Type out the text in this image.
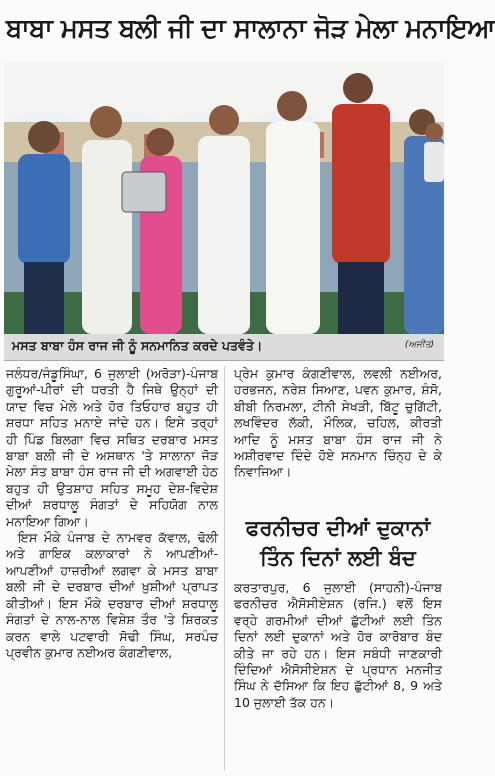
ਬਾਬਾ ਮਸਤ ਬਲੀ ਜੀ ਦਾ ਸਾਲਾਨਾ ਜੋੜ ਮੇਲਾ ਮਨਾਇਆ
ਮਸਤ ਬਾਬਾ ਹੰਸ ਰਾਜ ਜੀ ਨੂੰ ਸਨਮਾਨਿਤ ਕਰਦੇ ਪਤਵੰਤੇ।	(ਅਜੀਤ)

ਜਲੰਧਰ/ਜੰਡੂਸਿੰਘਾ, 6 ਜੁਲਾਈ (ਅਰੋੜਾ)-ਪੰਜਾਬ ਗੁਰੂਆਂ-ਪੀਰਾਂ ਦੀ ਧਰਤੀ ਹੈ ਜਿਥੇ ਉਨ੍ਹਾਂ ਦੀ ਯਾਦ ਵਿਚ ਮੇਲੇ ਅਤੇ ਹੋਰ ਤਿਓਹਾਰ ਬਹੁਤ ਹੀ ਸ਼ਰਧਾ ਸਹਿਤ ਮਨਾਏ ਜਾਂਦੇ ਹਨ। ਇਸੇ ਤਰ੍ਹਾਂ ਹੀ ਪਿੰਡ ਬਿਲਗਾ ਵਿਚ ਸਥਿਤ ਦਰਬਾਰ ਮਸਤ ਬਾਬਾ ਬਲੀ ਜੀ ਦੇ ਅਸਥਾਨ 'ਤੇ ਸਾਲਾਨਾ ਜੋੜ ਮੇਲਾ ਸੰਤ ਬਾਬਾ ਹੰਸ ਰਾਜ ਜੀ ਦੀ ਅਗਵਾਈ ਹੇਠ ਬਹੁਤ ਹੀ ਉਤਸ਼ਾਹ ਸਹਿਤ ਸਮੂਹ ਦੇਸ਼-ਵਿਦੇਸ਼ ਦੀਆਂ ਸ਼ਰਧਾਲੂ ਸੰਗਤਾਂ ਦੇ ਸਹਿਯੋਗ ਨਾਲ ਮਨਾਇਆ ਗਿਆ।

ਇਸ ਮੌਕੇ ਪੰਜਾਬ ਦੇ ਨਾਮਵਰ ਕੱਵਾਲ, ਢੋਲੀ ਅਤੇ ਗਾਇਕ ਕਲਾਕਾਰਾਂ ਨੇ ਆਪਣੀਆਂ-ਆਪਣੀਆਂ ਹਾਜ਼ਰੀਆਂ ਲਗਵਾ ਕੇ ਮਸਤ ਬਾਬਾ ਬਲੀ ਜੀ ਦੇ ਦਰਬਾਰ ਦੀਆਂ ਖ਼ੁਸ਼ੀਆਂ ਪ੍ਰਾਪਤ ਕੀਤੀਆਂ। ਇਸ ਮੌਕੇ ਦਰਬਾਰ ਦੀਆਂ ਸ਼ਰਧਾਲੂ ਸੰਗਤਾਂ ਦੇ ਨਾਲ-ਨਾਲ ਵਿਸ਼ੇਸ਼ ਤੌਰ 'ਤੇ ਸ਼ਿਰਕਤ ਕਰਨ ਵਾਲੇ ਪਟਵਾਰੀ ਸੋਢੀ ਸਿੰਘ, ਸਰਪੰਚ ਪ੍ਰਵੀਨ ਕੁਮਾਰ ਨਈਅਰ ਕੰਗਣੀਵਾਲ,

ਪ੍ਰੇਮ ਕੁਮਾਰ ਕੰਗਣੀਵਾਲ, ਲਵਲੀ ਨਈਅਰ, ਹਰਭਜਨ, ਨਰੇਸ਼ ਸਿਆਣ, ਪਵਨ ਕੁਮਾਰ, ਸ਼ੰਸੋ, ਬੀਬੀ ਨਿਰਮਲਾ, ਟੀਨੀ ਸੇਖੜੀ, ਬਿੱਟੂ ਚੁਗਿੱਟੀ, ਲਖਵਿੰਦਰ ਲੱਕੀ, ਮੌਲਿਕ, ਚਹਿਲ, ਕੀਰਤੀ ਆਦਿ ਨੂੰ ਮਸਤ ਬਾਬਾ ਹੰਸ ਰਾਜ ਜੀ ਨੇ ਅਸ਼ੀਰਵਾਦ ਦਿੰਦੇ ਹੋਏ ਸਨਮਾਨ ਚਿੰਨ੍ਹ ਦੇ ਕੇ ਨਿਵਾਜਿਆ।

ਫਰਨੀਚਰ ਦੀਆਂ ਦੁਕਾਨਾਂ
ਤਿੰਨ ਦਿਨਾਂ ਲਈ ਬੰਦ

ਕਰਤਾਰਪੁਰ, 6 ਜੁਲਾਈ (ਸਾਹਨੀ)-ਪੰਜਾਬ ਫਰਨੀਚਰ ਐਸੋਸੀਏਸ਼ਨ (ਰਜਿ.) ਵਲੋਂ ਇਸ ਵਰ੍ਹੇ ਗਰਮੀਆਂ ਦੀਆਂ ਛੁੱਟੀਆਂ ਲਈ ਤਿੰਨ ਦਿਨਾਂ ਲਈ ਦੁਕਾਨਾਂ ਅਤੇ ਹੋਰ ਕਾਰੋਬਾਰ ਬੰਦ ਕੀਤੇ ਜਾ ਰਹੇ ਹਨ। ਇਸ ਸਬੰਧੀ ਜਾਣਕਾਰੀ ਦਿੰਦਿਆਂ ਐਸੋਸੀਏਸ਼ਨ ਦੇ ਪ੍ਰਧਾਨ ਮਨਜੀਤ ਸਿੰਘ ਨੇ ਦੱਸਿਆ ਕਿ ਇਹ ਛੁੱਟੀਆਂ 8, 9 ਅਤੇ 10 ਜੁਲਾਈ ਤੱਕ ਹਨ।
